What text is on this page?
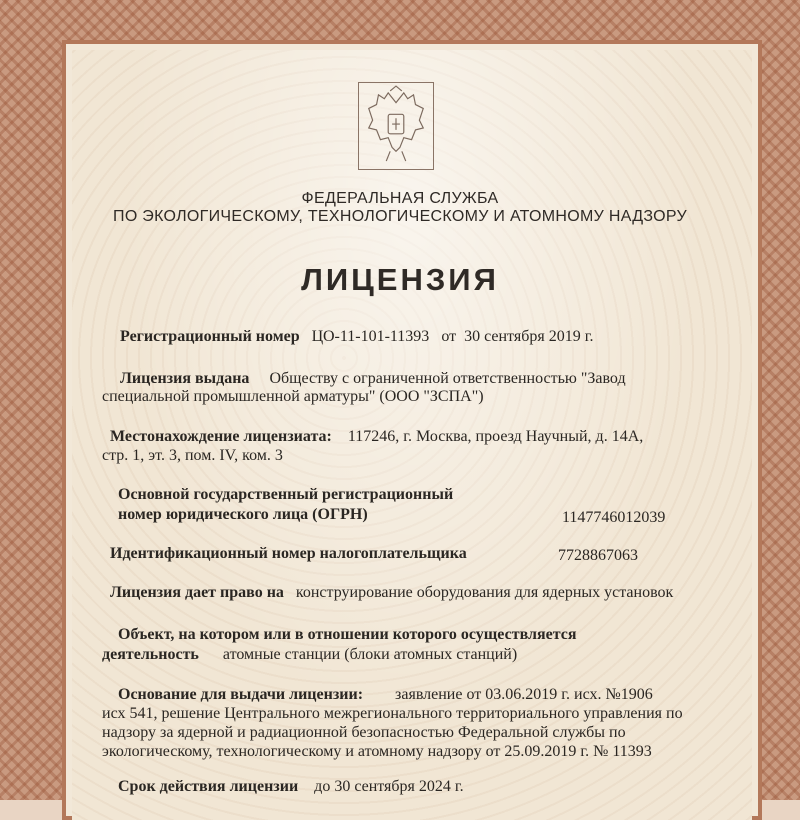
ФЕДЕРАЛЬНАЯ СЛУЖБА
ПО ЭКОЛОГИЧЕСКОМУ, ТЕХНОЛОГИЧЕСКОМУ И АТОМНОМУ НАДЗОРУ
ЛИЦЕНЗИЯ
Регистрационный номер ЦО-11-101-11393 от 30 сентября 2019 г.
Лицензия выдана Обществу с ограниченной ответственностью "Завод
специальной промышленной арматуры" (ООО "ЗСПА")
Местонахождение лицензиата: 117246, г. Москва, проезд Научный, д. 14А,
стр. 1, эт. 3, пом. IV, ком. 3
Основной государственный регистрационный
номер юридического лица (ОГРН)	1147746012039
Идентификационный номер налогоплательщика	7728867063
Лицензия дает право на конструирование оборудования для ядерных установок
Объект, на котором или в отношении которого осуществляется
деятельность атомные станции (блоки атомных станций)
Основание для выдачи лицензии: заявление от 03.06.2019 г. исх. №1906
исх 541, решение Центрального межрегионального территориального управления по
надзору за ядерной и радиационной безопасностью Федеральной службы по
экологическому, технологическому и атомному надзору от 25.09.2019 г. № 11393
Срок действия лицензии до 30 сентября 2024 г.
